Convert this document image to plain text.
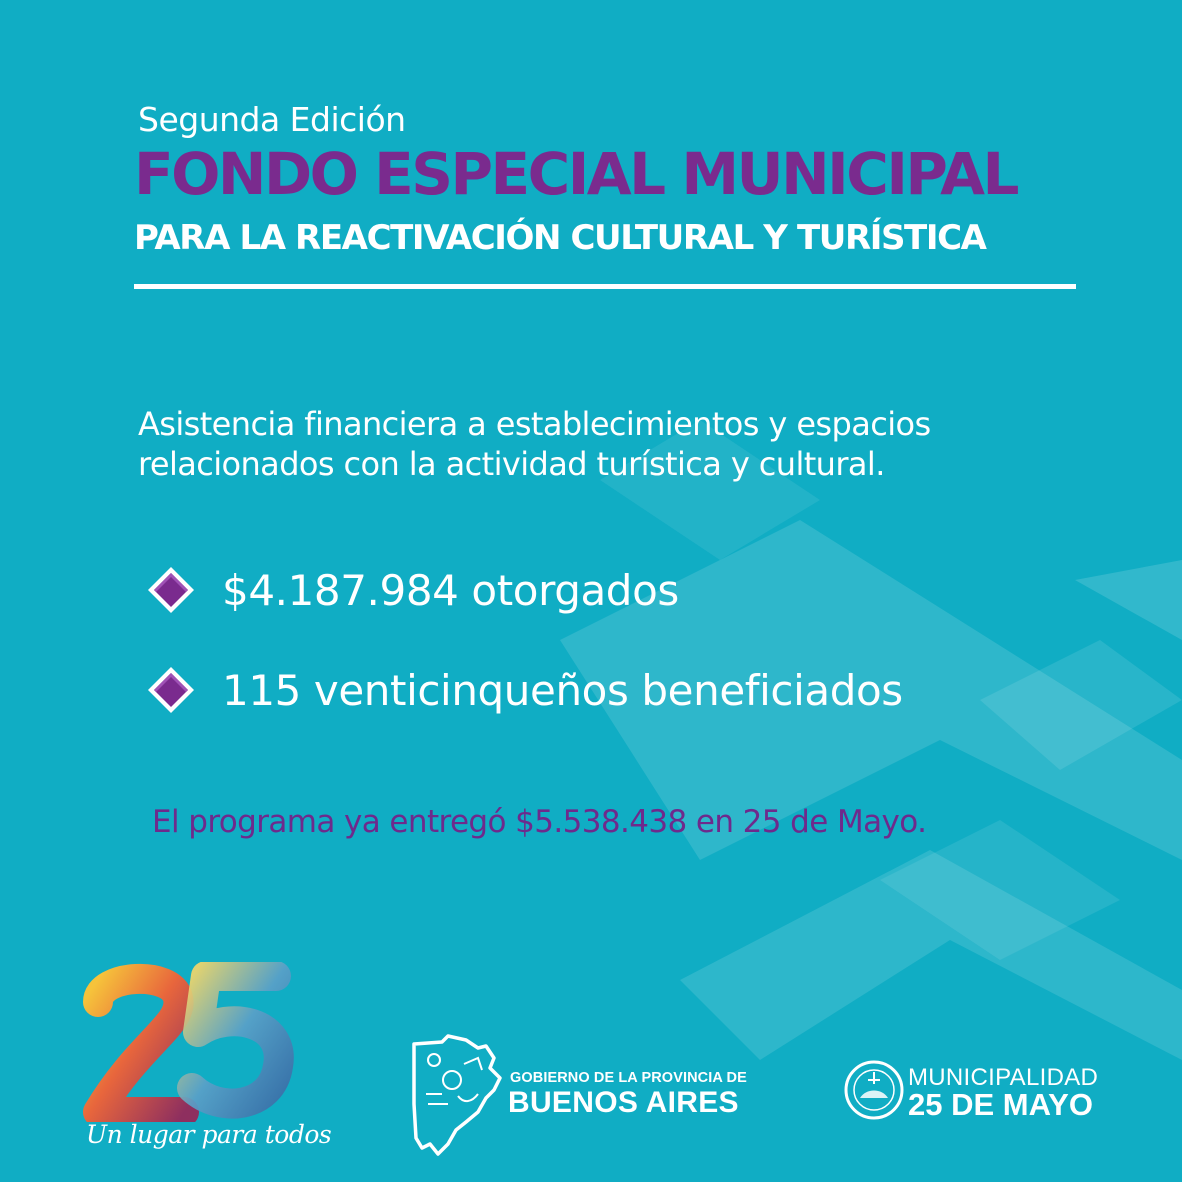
Segunda Edición
FONDO ESPECIAL MUNICIPAL
PARA LA REACTIVACIÓN CULTURAL Y TURÍSTICA
Asistencia financiera a establecimientos y espacios relacionados con la actividad turística y cultural.
$4.187.984 otorgados
115 venticinqueños beneficiados
El programa ya entregó $5.538.438 en 25 de Mayo.
Un lugar para todos
GOBIERNO DE LA PROVINCIA DE
BUENOS AIRES
MUNICIPALIDAD
25 DE MAYO
